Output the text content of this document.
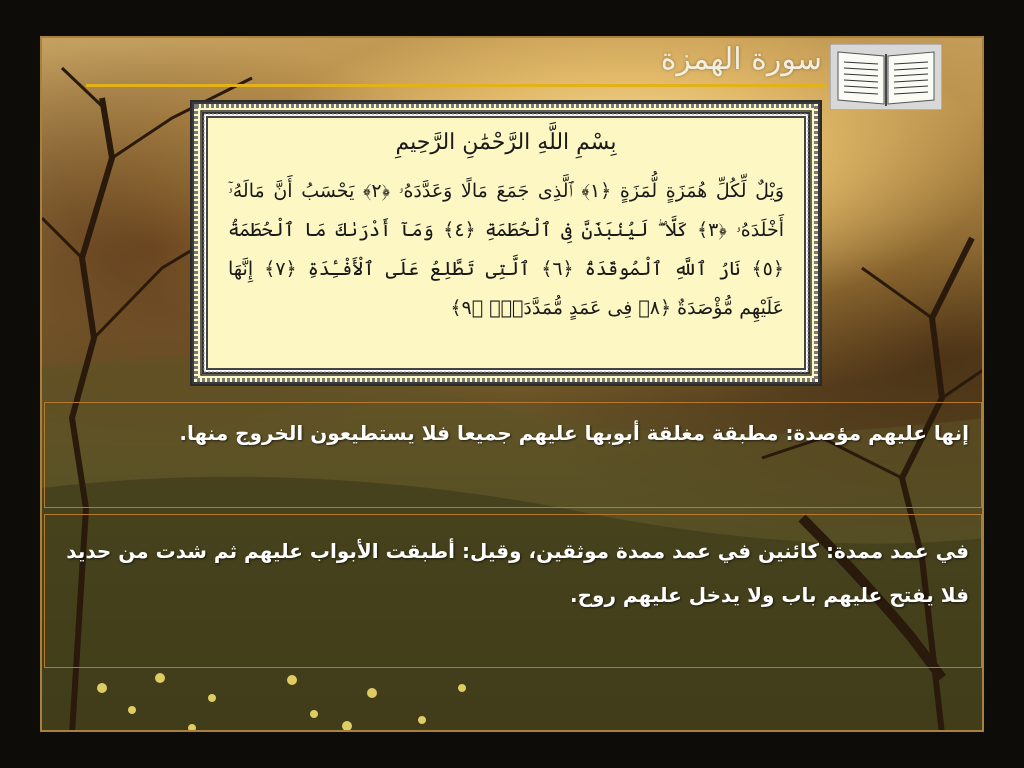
سورة الهمزة
بِسْمِ اللَّهِ الرَّحْمَٰنِ الرَّحِيمِ
وَيْلٌ لِّكُلِّ هُمَزَةٍ لُّمَزَةٍ ﴿١﴾ ٱلَّذِى جَمَعَ مَالًا وَعَدَّدَهُۥ ﴿٢﴾ يَحْسَبُ أَنَّ مَالَهُۥٓ أَخْلَدَهُۥ ﴿٣﴾ كَلَّا ۖ لَيُنۢبَذَنَّ فِى ٱلْحُطَمَةِ ﴿٤﴾ وَمَآ أَدْرَىٰكَ مَا ٱلْحُطَمَةُ ﴿٥﴾ نَارُ ٱللَّهِ ٱلْمُوقَدَةُ ﴿٦﴾ ٱلَّتِى تَطَّلِعُ عَلَى ٱلْأَفْـِٔدَةِ ﴿٧﴾ إِنَّهَا عَلَيْهِم مُّؤْصَدَةٌ ﴿٨﴾ فِى عَمَدٍ مُّمَدَّدَةٍۭ ﴿٩﴾
إنها عليهم مؤصدة: مطبقة مغلقة أبوبها عليهم جميعا فلا يستطيعون الخروج منها.
في عمد ممدة: كائنين في عمد ممدة موثقين، وقيل: أطبقت الأبواب عليهم ثم شدت من حديد فلا يفتح عليهم باب ولا يدخل عليهم روح.
